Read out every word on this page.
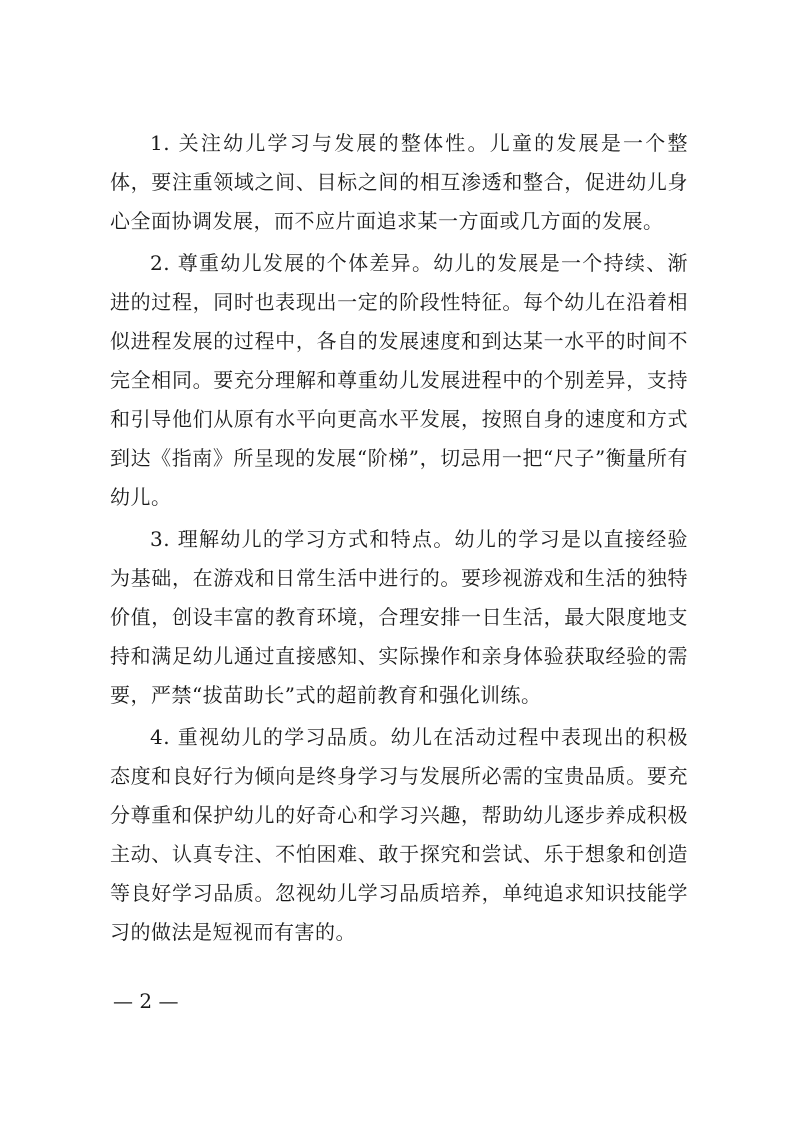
1. 关注幼儿学习与发展的整体性。儿童的发展是一个整体，要注重领域之间、目标之间的相互渗透和整合，促进幼儿身心全面协调发展，而不应片面追求某一方面或几方面的发展。

2. 尊重幼儿发展的个体差异。幼儿的发展是一个持续、渐进的过程，同时也表现出一定的阶段性特征。每个幼儿在沿着相似进程发展的过程中，各自的发展速度和到达某一水平的时间不完全相同。要充分理解和尊重幼儿发展进程中的个别差异，支持和引导他们从原有水平向更高水平发展，按照自身的速度和方式到达《指南》所呈现的发展“阶梯”，切忌用一把“尺子”衡量所有幼儿。

3. 理解幼儿的学习方式和特点。幼儿的学习是以直接经验为基础，在游戏和日常生活中进行的。要珍视游戏和生活的独特价值，创设丰富的教育环境，合理安排一日生活，最大限度地支持和满足幼儿通过直接感知、实际操作和亲身体验获取经验的需要，严禁“拔苗助长”式的超前教育和强化训练。

4. 重视幼儿的学习品质。幼儿在活动过程中表现出的积极态度和良好行为倾向是终身学习与发展所必需的宝贵品质。要充分尊重和保护幼儿的好奇心和学习兴趣，帮助幼儿逐步养成积极主动、认真专注、不怕困难、敢于探究和尝试、乐于想象和创造等良好学习品质。忽视幼儿学习品质培养，单纯追求知识技能学习的做法是短视而有害的。

— 2 —
